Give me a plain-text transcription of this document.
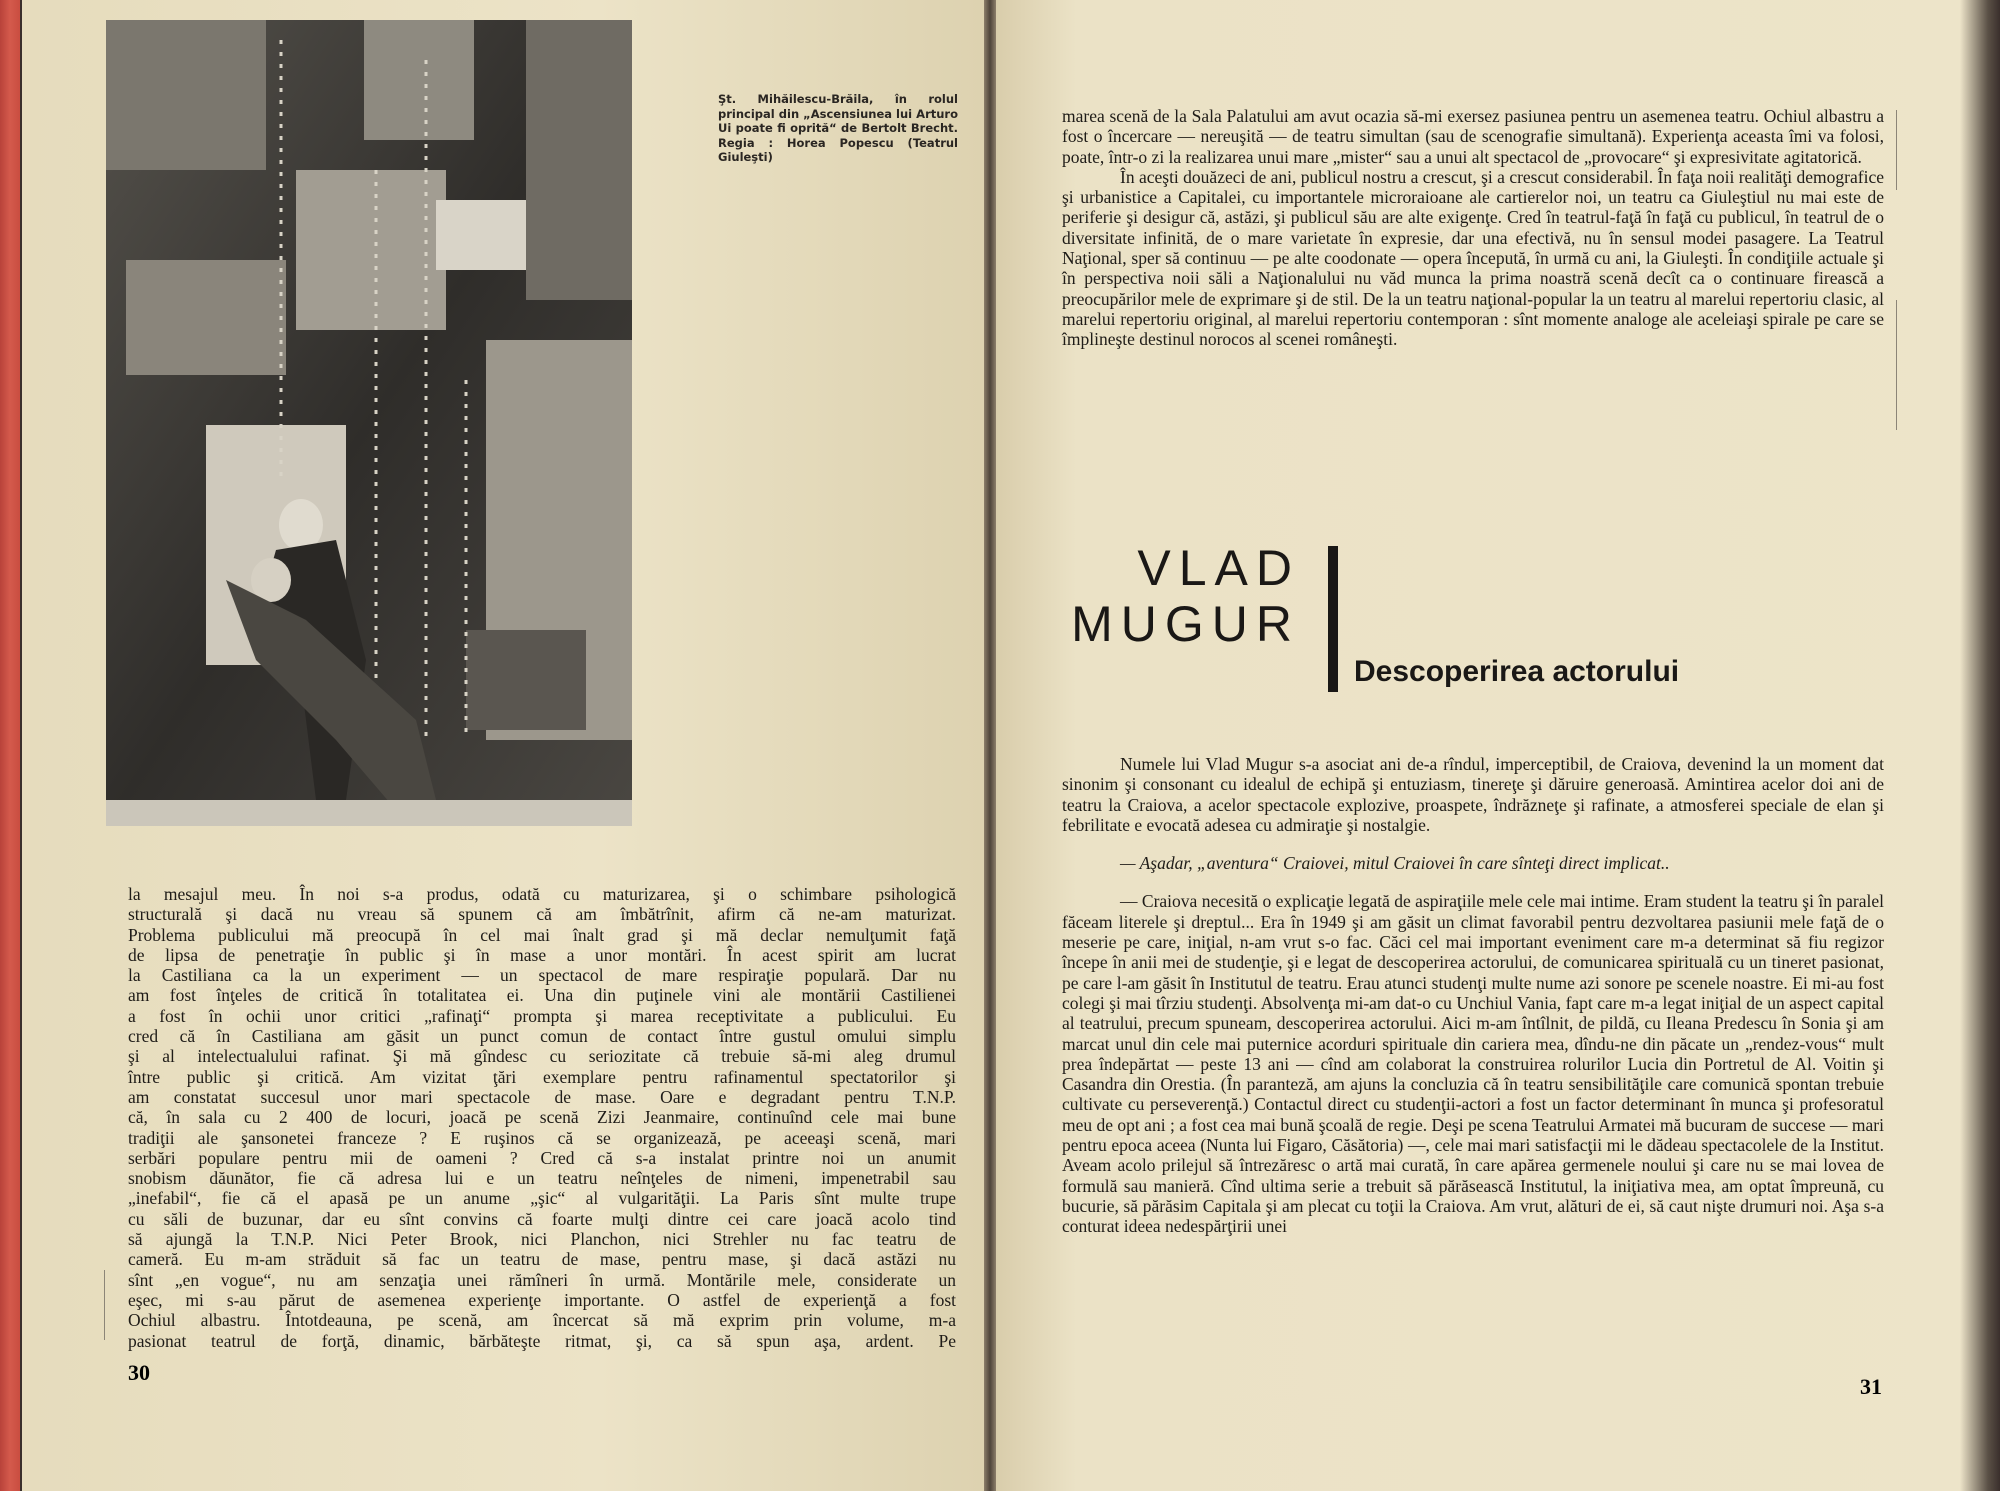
Şt. Mihăilescu-Brăila, în rolul principal din „Ascensiunea lui Arturo Ui poate fi oprită“ de Bertolt Brecht. Regia : Horea Popescu (Teatrul Giuleşti)

la mesajul meu. În noi s-a produs, odată cu maturizarea, şi o schimbare psihologică

structurală şi dacă nu vreau să spunem că am îmbătrînit, afirm că ne-am maturizat.

Problema publicului mă preocupă în cel mai înalt grad şi mă declar nemulţumit faţă

de lipsa de penetraţie în public şi în mase a unor montări. În acest spirit am lucrat

la Castiliana ca la un experiment — un spectacol de mare respiraţie populară. Dar nu

am fost înţeles de critică în totalitatea ei. Una din puţinele vini ale montării Castilienei

a fost în ochii unor critici „rafinaţi“ prompta şi marea receptivitate a publicului. Eu

cred că în Castiliana am găsit un punct comun de contact între gustul omului simplu

şi al intelectualului rafinat. Şi mă gîndesc cu seriozitate că trebuie să-mi aleg drumul

între public şi critică. Am vizitat ţări exemplare pentru rafinamentul spectatorilor şi

am constatat succesul unor mari spectacole de mase. Oare e degradant pentru T.N.P.

că, în sala cu 2 400 de locuri, joacă pe scenă Zizi Jeanmaire, continuînd cele mai bune

tradiţii ale şansonetei franceze ? E ruşinos că se organizează, pe aceeaşi scenă, mari

serbări populare pentru mii de oameni ? Cred că s-a instalat printre noi un anumit

snobism dăunător, fie că adresa lui e un teatru neînţeles de nimeni, impenetrabil sau

„inefabil“, fie că el apasă pe un anume „şic“ al vulgarităţii. La Paris sînt multe trupe

cu săli de buzunar, dar eu sînt convins că foarte mulţi dintre cei care joacă acolo tind

să ajungă la T.N.P. Nici Peter Brook, nici Planchon, nici Strehler nu fac teatru de

cameră. Eu m-am străduit să fac un teatru de mase, pentru mase, şi dacă astăzi nu

sînt „en vogue“, nu am senzaţia unei rămîneri în urmă. Montările mele, considerate un

eşec, mi s-au părut de asemenea experienţe importante. O astfel de experienţă a fost

Ochiul albastru. Întotdeauna, pe scenă, am încercat să mă exprim prin volume, m-a

pasionat teatrul de forţă, dinamic, bărbăteşte ritmat, şi, ca să spun aşa, ardent. Pe

30

marea scenă de la Sala Palatului am avut ocazia să-mi exersez pasiunea pentru un asemenea teatru. Ochiul albastru a fost o încercare — nereuşită — de teatru simultan (sau de scenografie simultană). Experienţa aceasta îmi va folosi, poate, într-o zi la realizarea unui mare „mister“ sau a unui alt spectacol de „provocare“ şi expresivitate agitatorică.

În aceşti douăzeci de ani, publicul nostru a crescut, şi a crescut considerabil. În faţa noii realităţi demografice şi urbanistice a Capitalei, cu importantele microraioane ale cartierelor noi, un teatru ca Giuleştiul nu mai este de periferie şi desigur că, astăzi, şi publicul său are alte exigenţe. Cred în teatrul-faţă în faţă cu publicul, în teatrul de o diversitate infinită, de o mare varietate în expresie, dar una efectivă, nu în sensul modei pasagere. La Teatrul Naţional, sper să continuu — pe alte coodonate — opera începută, în urmă cu ani, la Giuleşti. În condiţiile actuale şi în perspectiva noii săli a Naţionalului nu văd munca la prima noastră scenă decît ca o continuare firească a preocupărilor mele de exprimare şi de stil. De la un teatru naţional-popular la un teatru al marelui repertoriu clasic, al marelui repertoriu original, al marelui repertoriu contemporan : sînt momente analoge ale aceleiaşi spirale pe care se împlineşte destinul norocos al scenei româneşti.

VLAD
MUGUR
Descoperirea actorului

Numele lui Vlad Mugur s-a asociat ani de-a rîndul, imperceptibil, de Craiova, devenind la un moment dat sinonim şi consonant cu idealul de echipă şi entuziasm, tinereţe şi dăruire generoasă. Amintirea acelor doi ani de teatru la Craiova, a acelor spectacole explozive, proaspete, îndrăzneţe şi rafinate, a atmosferei speciale de elan şi febrilitate e evocată adesea cu admiraţie şi nostalgie.

— Aşadar, „aventura“ Craiovei, mitul Craiovei în care sînteţi direct implicat..

— Craiova necesită o explicaţie legată de aspiraţiile mele cele mai intime. Eram student la teatru şi în paralel făceam literele şi dreptul... Era în 1949 şi am găsit un climat favorabil pentru dezvoltarea pasiunii mele faţă de o meserie pe care, iniţial, n-am vrut s-o fac. Căci cel mai important eveniment care m-a determinat să fiu regizor începe în anii mei de studenţie, şi e legat de descoperirea actorului, de comunicarea spirituală cu un tineret pasionat, pe care l-am găsit în Institutul de teatru. Erau atunci studenţi multe nume azi sonore pe scenele noastre. Ei mi-au fost colegi şi mai tîrziu studenţi. Absolvenţa mi-am dat-o cu Unchiul Vania, fapt care m-a legat iniţial de un aspect capital al teatrului, precum spuneam, descoperirea actorului. Aici m-am întîlnit, de pildă, cu Ileana Predescu în Sonia şi am marcat unul din cele mai puternice acorduri spirituale din cariera mea, dîndu-ne din păcate un „rendez-vous“ mult prea îndepărtat — peste 13 ani — cînd am colaborat la construirea rolurilor Lucia din Portretul de Al. Voitin şi Casandra din Orestia. (În paranteză, am ajuns la concluzia că în teatru sensibilităţile care comunică spontan trebuie cultivate cu perseverenţă.) Contactul direct cu studenţii-actori a fost un factor determinant în munca şi profesoratul meu de opt ani ; a fost cea mai bună şcoală de regie. Deşi pe scena Teatrului Armatei mă bucuram de succese — mari pentru epoca aceea (Nunta lui Figaro, Căsătoria) —, cele mai mari satisfacţii mi le dădeau spectacolele de la Institut. Aveam acolo prilejul să întrezăresc o artă mai curată, în care apărea germenele noului şi care nu se mai lovea de formulă sau manieră. Cînd ultima serie a trebuit să părăsească Institutul, la iniţiativa mea, am optat împreună, cu bucurie, să părăsim Capitala şi am plecat cu toţii la Craiova. Am vrut, alături de ei, să caut nişte drumuri noi. Aşa s-a conturat ideea nedespărţirii unei

31
